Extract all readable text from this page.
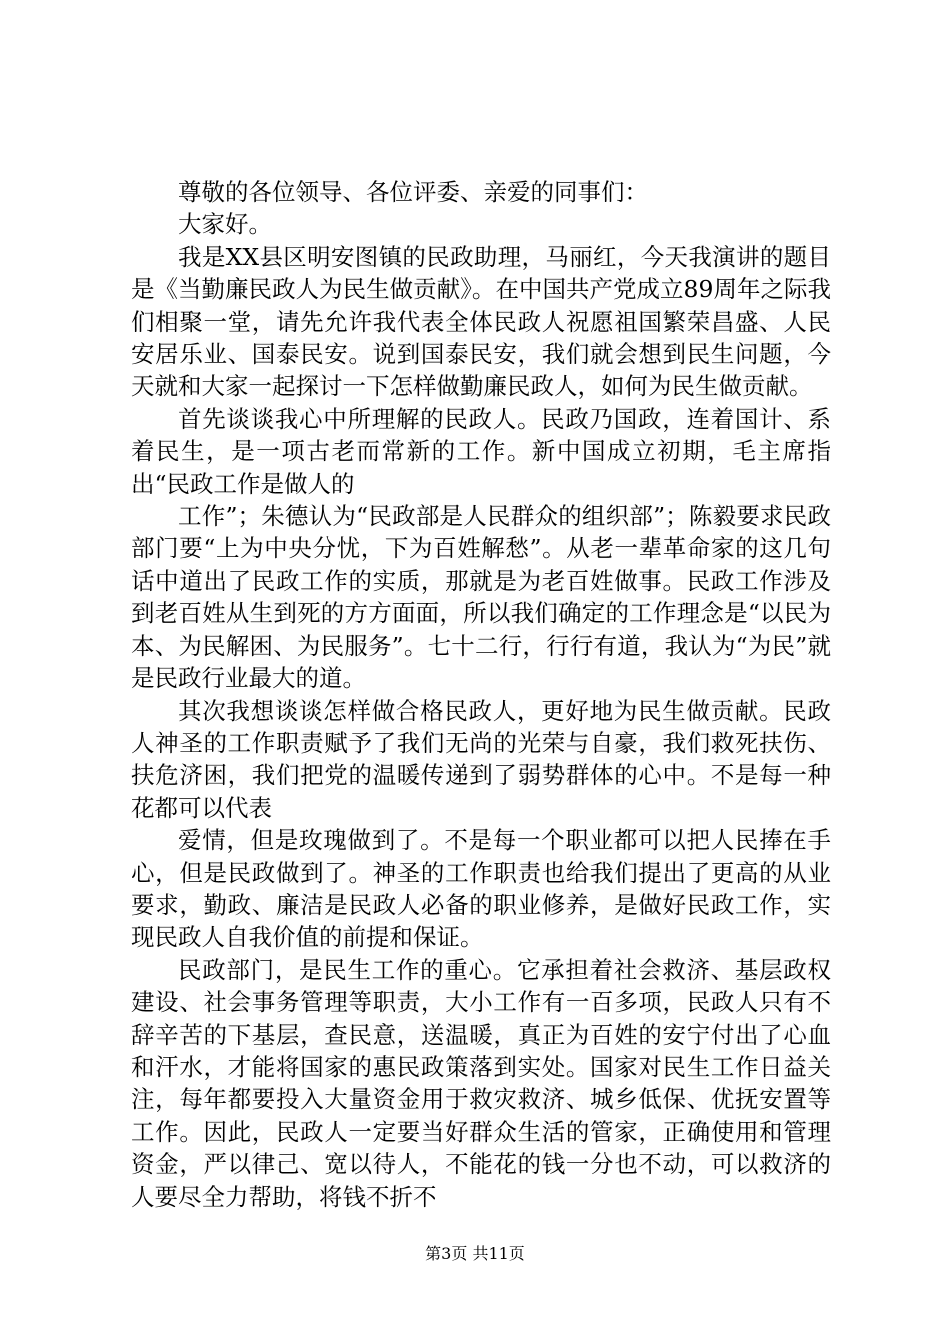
尊敬的各位领导、各位评委、亲爱的同事们：

大家好。

我是XX县区明安图镇的民政助理，马丽红，今天我演讲的题目是《当勤廉民政人为民生做贡献》。在中国共产党成立89周年之际我们相聚一堂，请先允许我代表全体民政人祝愿祖国繁荣昌盛、人民安居乐业、国泰民安。说到国泰民安，我们就会想到民生问题，今天就和大家一起探讨一下怎样做勤廉民政人，如何为民生做贡献。

首先谈谈我心中所理解的民政人。民政乃国政，连着国计、系着民生，是一项古老而常新的工作。新中国成立初期，毛主席指出“民政工作是做人的

工作”；朱德认为“民政部是人民群众的组织部”；陈毅要求民政部门要“上为中央分忧，下为百姓解愁”。从老一辈革命家的这几句话中道出了民政工作的实质，那就是为老百姓做事。民政工作涉及到老百姓从生到死的方方面面，所以我们确定的工作理念是“以民为本、为民解困、为民服务”。七十二行，行行有道，我认为“为民”就是民政行业最大的道。

其次我想谈谈怎样做合格民政人，更好地为民生做贡献。民政人神圣的工作职责赋予了我们无尚的光荣与自豪，我们救死扶伤、扶危济困，我们把党的温暖传递到了弱势群体的心中。不是每一种花都可以代表

爱情，但是玫瑰做到了。不是每一个职业都可以把人民捧在手心，但是民政做到了。神圣的工作职责也给我们提出了更高的从业要求，勤政、廉洁是民政人必备的职业修养，是做好民政工作，实现民政人自我价值的前提和保证。

民政部门，是民生工作的重心。它承担着社会救济、基层政权建设、社会事务管理等职责，大小工作有一百多项，民政人只有不辞辛苦的下基层，查民意，送温暖，真正为百姓的安宁付出了心血和汗水，才能将国家的惠民政策落到实处。国家对民生工作日益关注，每年都要投入大量资金用于救灾救济、城乡低保、优抚安置等工作。因此，民政人一定要当好群众生活的管家，正确使用和管理资金，严以律己、宽以待人，不能花的钱一分也不动，可以救济的人要尽全力帮助，将钱不折不

第3页 共11页
